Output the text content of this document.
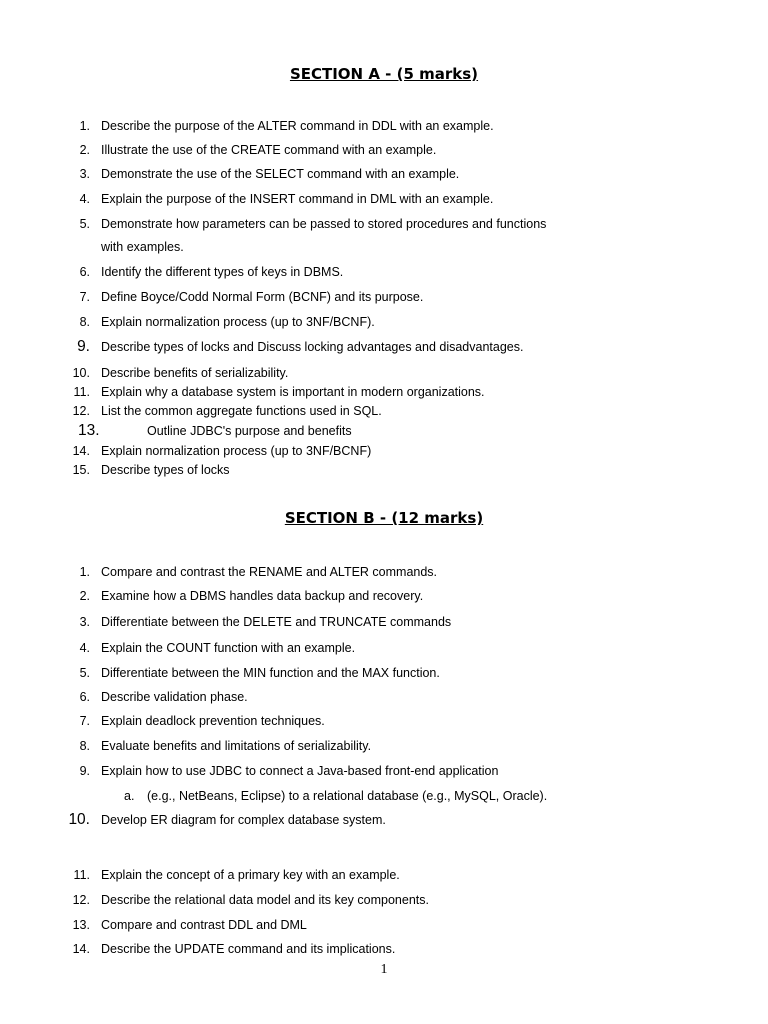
SECTION A - (5 marks)
1. Describe the purpose of the ALTER command in DDL with an example.
2. Illustrate the use of the CREATE command with an example.
3. Demonstrate the use of the SELECT command with an example.
4. Explain the purpose of the INSERT command in DML with an example.
5. Demonstrate how parameters can be passed to stored procedures and functions
with examples.
6. Identify the different types of keys in DBMS.
7. Define Boyce/Codd Normal Form (BCNF) and its purpose.
8. Explain normalization process (up to 3NF/BCNF).
9. Describe types of locks and Discuss locking advantages and disadvantages.
10. Describe benefits of serializability.
11. Explain why a database system is important in modern organizations.
12. List the common aggregate functions used in SQL.
13.	Outline JDBC's purpose and benefits
14. Explain normalization process (up to 3NF/BCNF)
15. Describe types of locks
SECTION B - (12 marks)
1. Compare and contrast the RENAME and ALTER commands.
2. Examine how a DBMS handles data backup and recovery.
3. Differentiate between the DELETE and TRUNCATE commands
4. Explain the COUNT function with an example.
5. Differentiate between the MIN function and the MAX function.
6. Describe validation phase.
7. Explain deadlock prevention techniques.
8. Evaluate benefits and limitations of serializability.
9. Explain how to use JDBC to connect a Java-based front-end application
a. (e.g., NetBeans, Eclipse) to a relational database (e.g., MySQL, Oracle).
10. Develop ER diagram for complex database system.
11. Explain the concept of a primary key with an example.
12. Describe the relational data model and its key components.
13. Compare and contrast DDL and DML
14. Describe the UPDATE command and its implications.
1
